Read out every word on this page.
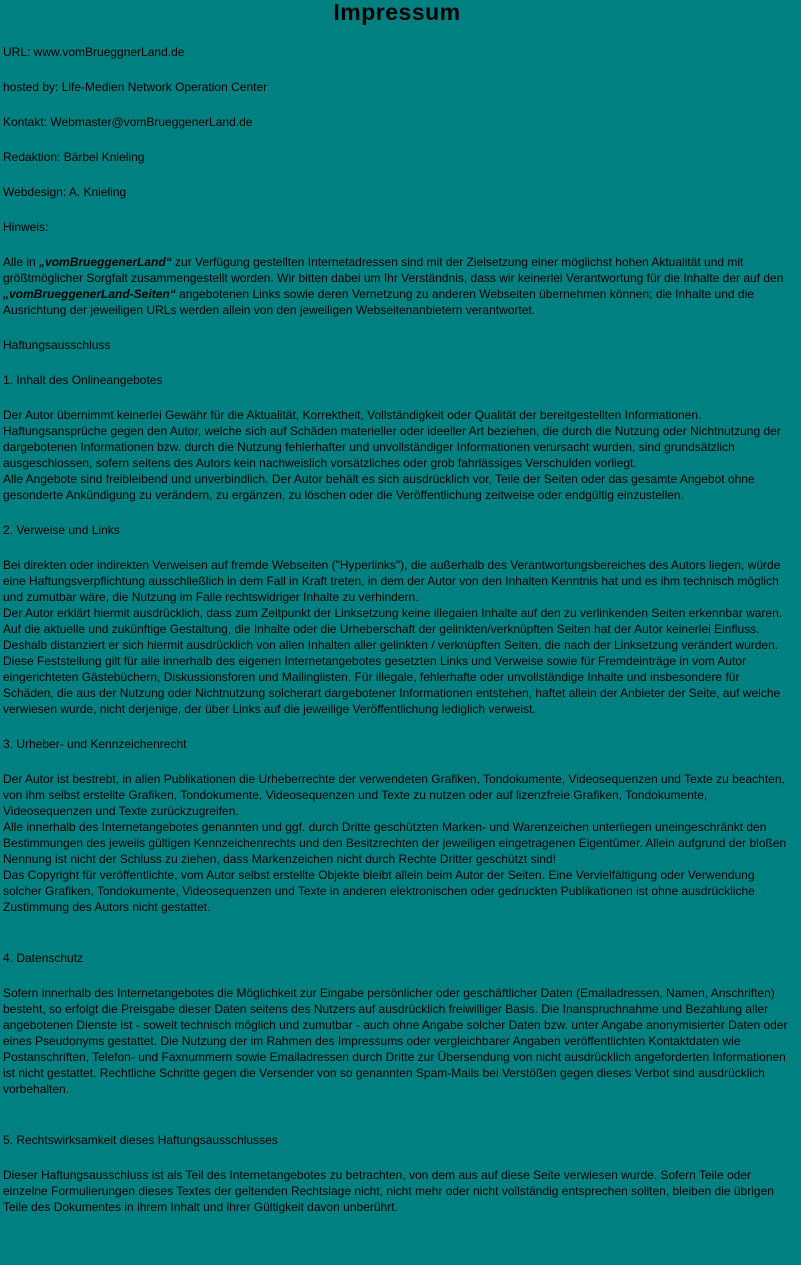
Impressum

URL: www.vomBrueggnerLand.de

hosted by: Life-Medien Network Operation Center

Kontakt: Webmaster@vomBrueggenerLand.de

Redaktion: Bärbel Knieling

Webdesign: A. Knieling

Hinweis:

Alle in „vomBrueggenerLand“ zur Verfügung gestellten Internetadressen sind mit der Zielsetzung einer möglichst hohen Aktualität und mit größtmöglicher Sorgfalt zusammengestellt worden. Wir bitten dabei um Ihr Verständnis, dass wir keinerlei Verantwortung für die Inhalte der auf den „vomBrueggenerLand-Seiten“ angebotenen Links sowie deren Vernetzung zu anderen Webseiten übernehmen können; die Inhalte und die Ausrichtung der jeweiligen URLs werden allein von den jeweiligen Webseitenanbietern verantwortet.

Haftungsausschluss

1. Inhalt des Onlineangebotes

Der Autor übernimmt keinerlei Gewähr für die Aktualität, Korrektheit, Vollständigkeit oder Qualität der bereitgestellten Informationen. Haftungsansprüche gegen den Autor, welche sich auf Schäden materieller oder ideeller Art beziehen, die durch die Nutzung oder Nichtnutzung der dargebotenen Informationen bzw. durch die Nutzung fehlerhafter und unvollständiger Informationen verursacht wurden, sind grundsätzlich ausgeschlossen, sofern seitens des Autors kein nachweislich vorsätzliches oder grob fahrlässiges Verschulden vorliegt.

Alle Angebote sind freibleibend und unverbindlich. Der Autor behält es sich ausdrücklich vor, Teile der Seiten oder das gesamte Angebot ohne gesonderte Ankündigung zu verändern, zu ergänzen, zu löschen oder die Veröffentlichung zeitweise oder endgültig einzustellen.

2. Verweise und Links

Bei direkten oder indirekten Verweisen auf fremde Webseiten ("Hyperlinks"), die außerhalb des Verantwortungsbereiches des Autors liegen, würde eine Haftungsverpflichtung ausschließlich in dem Fall in Kraft treten, in dem der Autor von den Inhalten Kenntnis hat und es ihm technisch möglich und zumutbar wäre, die Nutzung im Falle rechtswidriger Inhalte zu verhindern.

Der Autor erklärt hiermit ausdrücklich, dass zum Zeitpunkt der Linksetzung keine illegalen Inhalte auf den zu verlinkenden Seiten erkennbar waren. Auf die aktuelle und zukünftige Gestaltung, die Inhalte oder die Urheberschaft der gelinkten/verknüpften Seiten hat der Autor keinerlei Einfluss. Deshalb distanziert er sich hiermit ausdrücklich von allen Inhalten aller gelinkten / verknüpften Seiten, die nach der Linksetzung verändert wurden. Diese Feststellung gilt für alle innerhalb des eigenen Internetangebotes gesetzten Links und Verweise sowie für Fremdeinträge in vom Autor eingerichteten Gästebüchern, Diskussionsforen und Mailinglisten. Für illegale, fehlerhafte oder unvollständige Inhalte und insbesondere für Schäden, die aus der Nutzung oder Nichtnutzung solcherart dargebotener Informationen entstehen, haftet allein der Anbieter der Seite, auf welche verwiesen wurde, nicht derjenige, der über Links auf die jeweilige Veröffentlichung lediglich verweist.

3. Urheber- und Kennzeichenrecht

Der Autor ist bestrebt, in allen Publikationen die Urheberrechte der verwendeten Grafiken, Tondokumente, Videosequenzen und Texte zu beachten, von ihm selbst erstellte Grafiken, Tondokumente, Videosequenzen und Texte zu nutzen oder auf lizenzfreie Grafiken, Tondokumente, Videosequenzen und Texte zurückzugreifen.

Alle innerhalb des Internetangebotes genannten und ggf. durch Dritte geschützten Marken- und Warenzeichen unterliegen uneingeschränkt den Bestimmungen des jeweils gültigen Kennzeichenrechts und den Besitzrechten der jeweiligen eingetragenen Eigentümer. Allein aufgrund der bloßen Nennung ist nicht der Schluss zu ziehen, dass Markenzeichen nicht durch Rechte Dritter geschützt sind!

Das Copyright für veröffentlichte, vom Autor selbst erstellte Objekte bleibt allein beim Autor der Seiten. Eine Vervielfältigung oder Verwendung solcher Grafiken, Tondokumente, Videosequenzen und Texte in anderen elektronischen oder gedruckten Publikationen ist ohne ausdrückliche Zustimmung des Autors nicht gestattet.

4. Datenschutz

Sofern innerhalb des Internetangebotes die Möglichkeit zur Eingabe persönlicher oder geschäftlicher Daten (Emailadressen, Namen, Anschriften) besteht, so erfolgt die Preisgabe dieser Daten seitens des Nutzers auf ausdrücklich freiwilliger Basis. Die Inanspruchnahme und Bezahlung aller angebotenen Dienste ist - soweit technisch möglich und zumutbar - auch ohne Angabe solcher Daten bzw. unter Angabe anonymisierter Daten oder eines Pseudonyms gestattet. Die Nutzung der im Rahmen des Impressums oder vergleichbarer Angaben veröffentlichten Kontaktdaten wie Postanschriften, Telefon- und Faxnummern sowie Emailadressen durch Dritte zur Übersendung von nicht ausdrücklich angeforderten Informationen ist nicht gestattet. Rechtliche Schritte gegen die Versender von so genannten Spam-Mails bei Verstößen gegen dieses Verbot sind ausdrücklich vorbehalten.

5. Rechtswirksamkeit dieses Haftungsausschlusses

Dieser Haftungsausschluss ist als Teil des Internetangebotes zu betrachten, von dem aus auf diese Seite verwiesen wurde. Sofern Teile oder einzelne Formulierungen dieses Textes der geltenden Rechtslage nicht, nicht mehr oder nicht vollständig entsprechen sollten, bleiben die übrigen Teile des Dokumentes in ihrem Inhalt und ihrer Gültigkeit davon unberührt.
